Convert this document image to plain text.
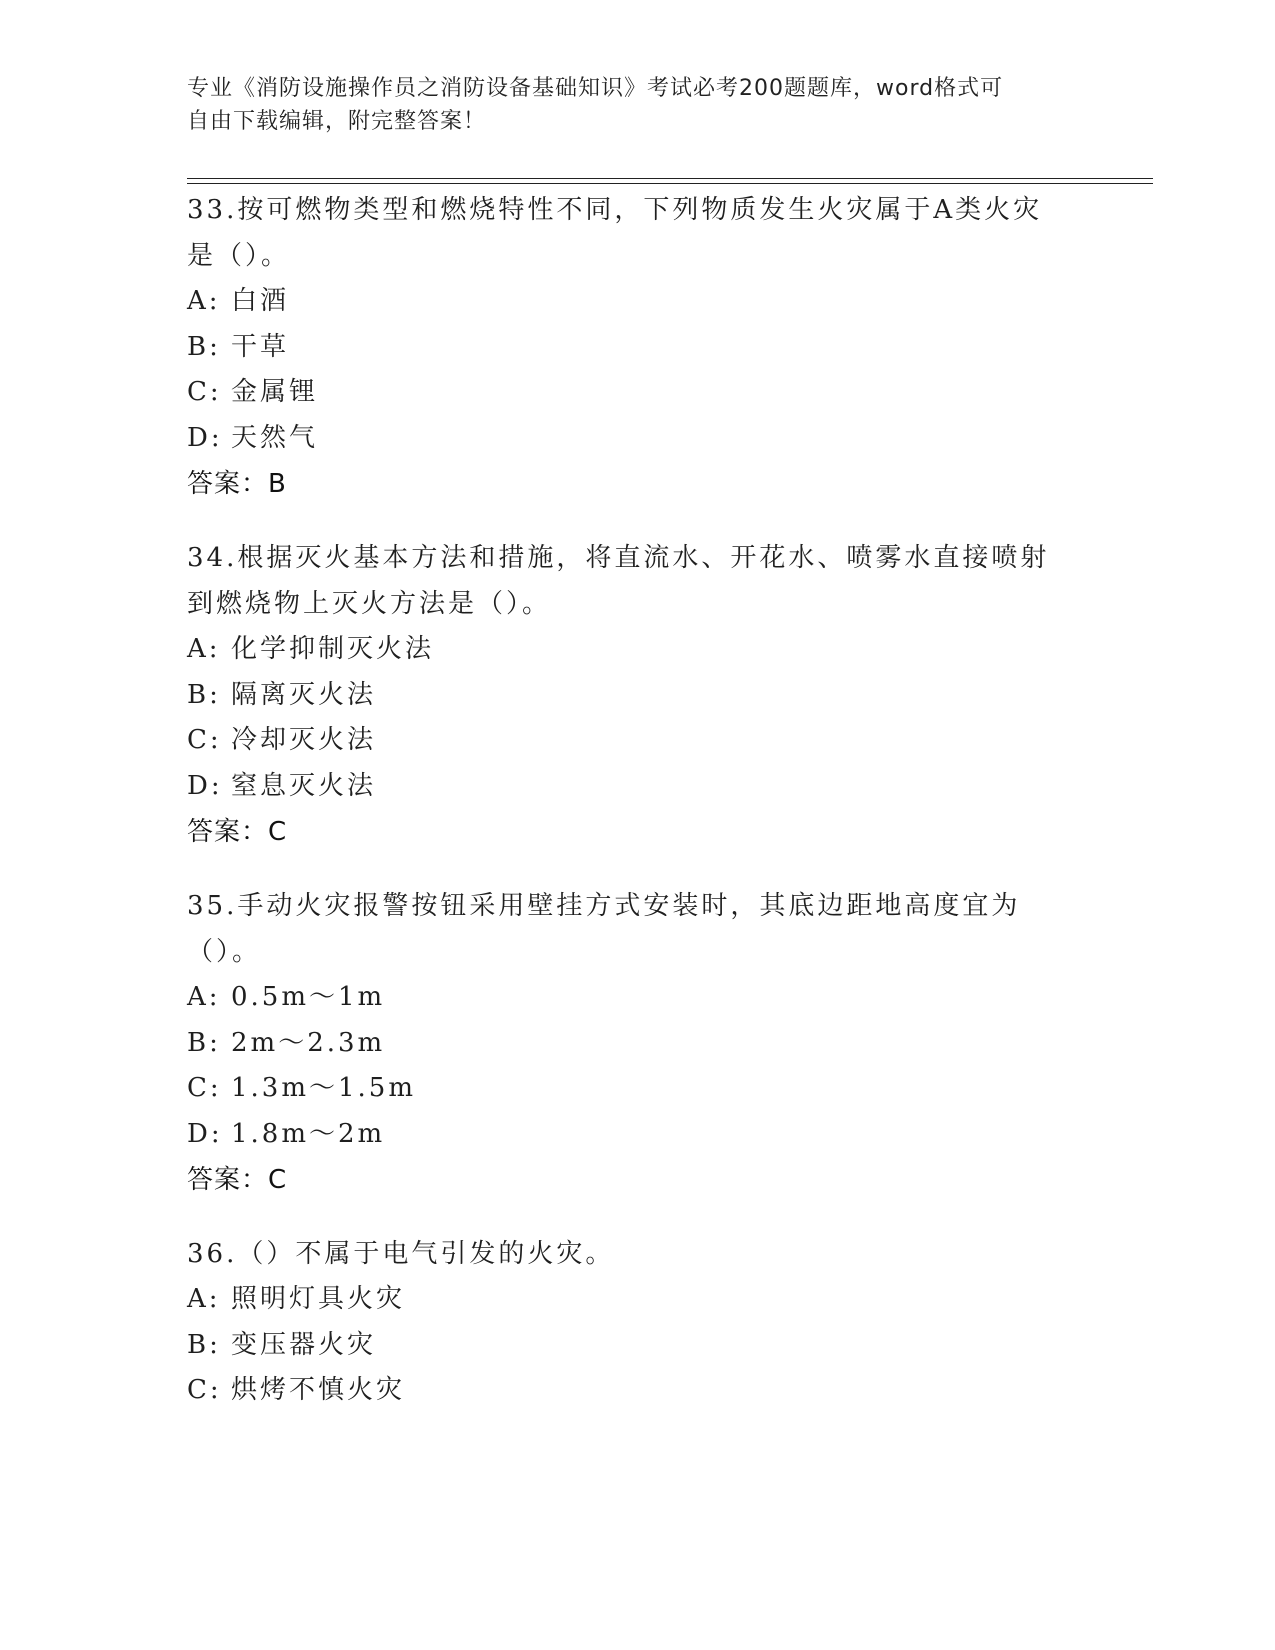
专业《消防设施操作员之消防设备基础知识》考试必考200题题库，word格式可
自由下载编辑，附完整答案！

33.按可燃物类型和燃烧特性不同，下列物质发生火灾属于A类火灾是（）。

A: 白酒
B: 干草
C: 金属锂
D: 天然气

答案：B

34.根据灭火基本方法和措施，将直流水、开花水、喷雾水直接喷射到燃烧物上灭火方法是（）。

A: 化学抑制灭火法
B: 隔离灭火法
C: 冷却灭火法
D: 窒息灭火法

答案：C

35.手动火灾报警按钮采用壁挂方式安装时，其底边距地高度宜为（）。

A: 0.5m～1m
B: 2m～2.3m
C: 1.3m～1.5m
D: 1.8m～2m

答案：C

36.（）不属于电气引发的火灾。

A: 照明灯具火灾
B: 变压器火灾
C: 烘烤不慎火灾
